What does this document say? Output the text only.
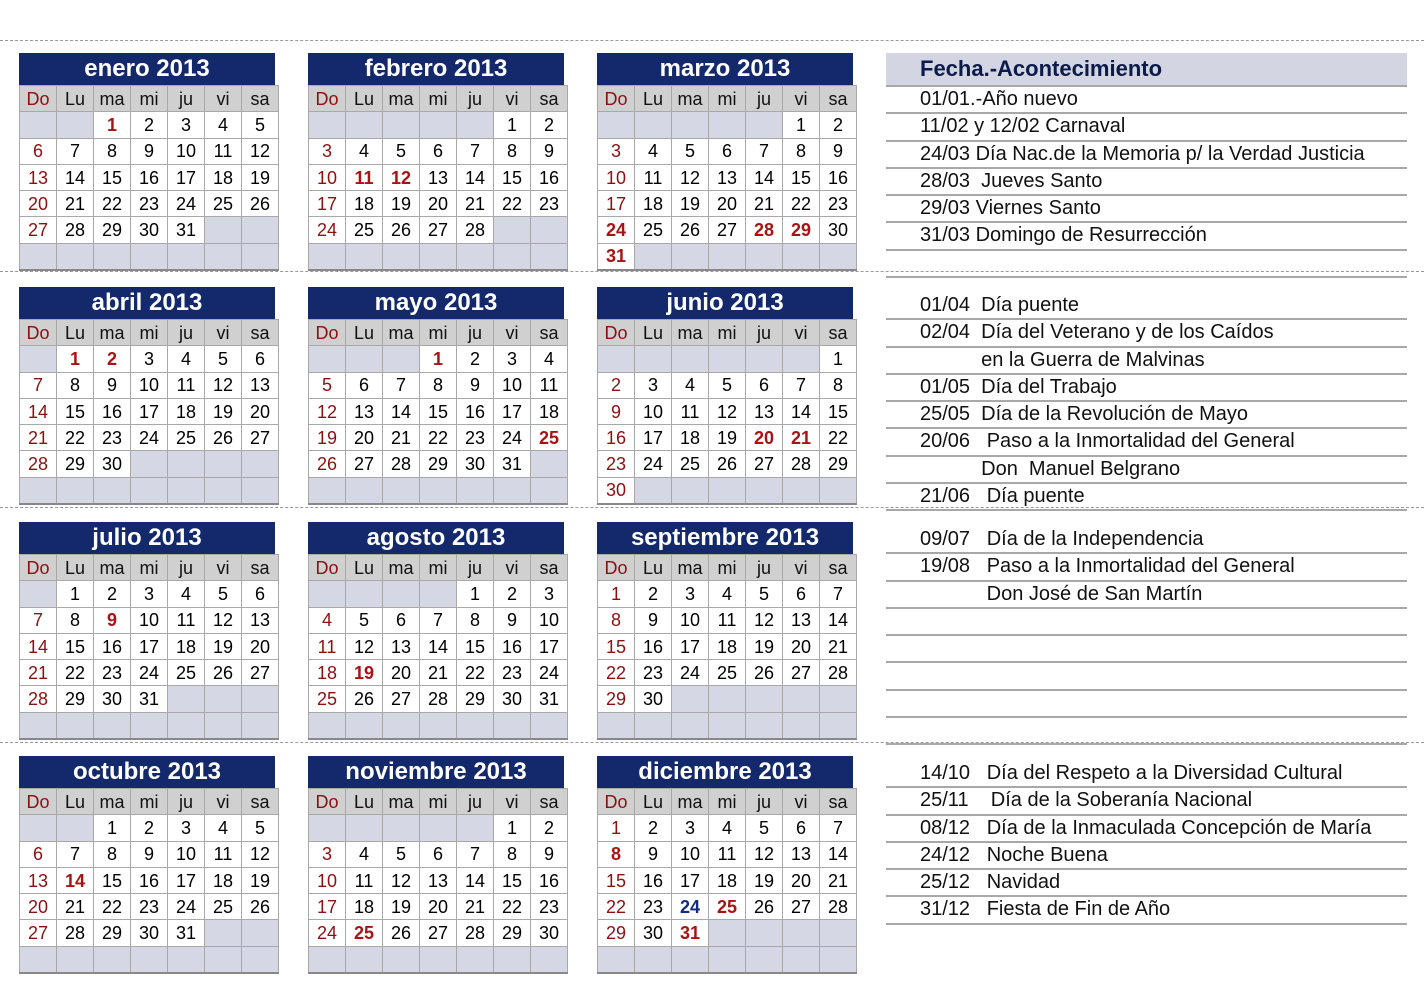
enero 2013
Do	Lu	ma	mi	ju	vi	sa
		1	2	3	4	5
6	7	8	9	10	11	12
13	14	15	16	17	18	19
20	21	22	23	24	25	26
27	28	29	30	31		

febrero 2013
Do	Lu	ma	mi	ju	vi	sa
					1	2
3	4	5	6	7	8	9
10	11	12	13	14	15	16
17	18	19	20	21	22	23
24	25	26	27	28		

marzo 2013
Do	Lu	ma	mi	ju	vi	sa
					1	2
3	4	5	6	7	8	9
10	11	12	13	14	15	16
17	18	19	20	21	22	23
24	25	26	27	28	29	30
31						
abril 2013
Do	Lu	ma	mi	ju	vi	sa
	1	2	3	4	5	6
7	8	9	10	11	12	13
14	15	16	17	18	19	20
21	22	23	24	25	26	27
28	29	30				

mayo 2013
Do	Lu	ma	mi	ju	vi	sa
			1	2	3	4
5	6	7	8	9	10	11
12	13	14	15	16	17	18
19	20	21	22	23	24	25
26	27	28	29	30	31	

junio 2013
Do	Lu	ma	mi	ju	vi	sa
						1
2	3	4	5	6	7	8
9	10	11	12	13	14	15
16	17	18	19	20	21	22
23	24	25	26	27	28	29
30						
julio 2013
Do	Lu	ma	mi	ju	vi	sa
	1	2	3	4	5	6
7	8	9	10	11	12	13
14	15	16	17	18	19	20
21	22	23	24	25	26	27
28	29	30	31			

agosto 2013
Do	Lu	ma	mi	ju	vi	sa
				1	2	3
4	5	6	7	8	9	10
11	12	13	14	15	16	17
18	19	20	21	22	23	24
25	26	27	28	29	30	31

septiembre 2013
Do	Lu	ma	mi	ju	vi	sa
1	2	3	4	5	6	7
8	9	10	11	12	13	14
15	16	17	18	19	20	21
22	23	24	25	26	27	28
29	30					

octubre 2013
Do	Lu	ma	mi	ju	vi	sa
		1	2	3	4	5
6	7	8	9	10	11	12
13	14	15	16	17	18	19
20	21	22	23	24	25	26
27	28	29	30	31		

noviembre 2013
Do	Lu	ma	mi	ju	vi	sa
					1	2
3	4	5	6	7	8	9
10	11	12	13	14	15	16
17	18	19	20	21	22	23
24	25	26	27	28	29	30

diciembre 2013
Do	Lu	ma	mi	ju	vi	sa
1	2	3	4	5	6	7
8	9	10	11	12	13	14
15	16	17	18	19	20	21
22	23	24	25	26	27	28
29	30	31				

Fecha.-Acontecimiento
01/01.-Año nuevo
11/02 y 12/02 Carnaval
24/03 Día Nac.de la Memoria p/ la Verdad Justicia
28/03  Jueves Santo
29/03 Viernes Santo
31/03 Domingo de Resurrección
01/04  Día puente
02/04  Día del Veterano y de los Caídos
en la Guerra de Malvinas
01/05  Día del Trabajo
25/05  Día de la Revolución de Mayo
20/06   Paso a la Inmortalidad del General
Don  Manuel Belgrano
21/06   Día puente
09/07   Día de la Independencia
19/08   Paso a la Inmortalidad del General
Don José de San Martín
14/10   Día del Respeto a la Diversidad Cultural
25/11    Día de la Soberanía Nacional
08/12   Día de la Inmaculada Concepción de María
24/12   Noche Buena
25/12   Navidad
31/12   Fiesta de Fin de Año
